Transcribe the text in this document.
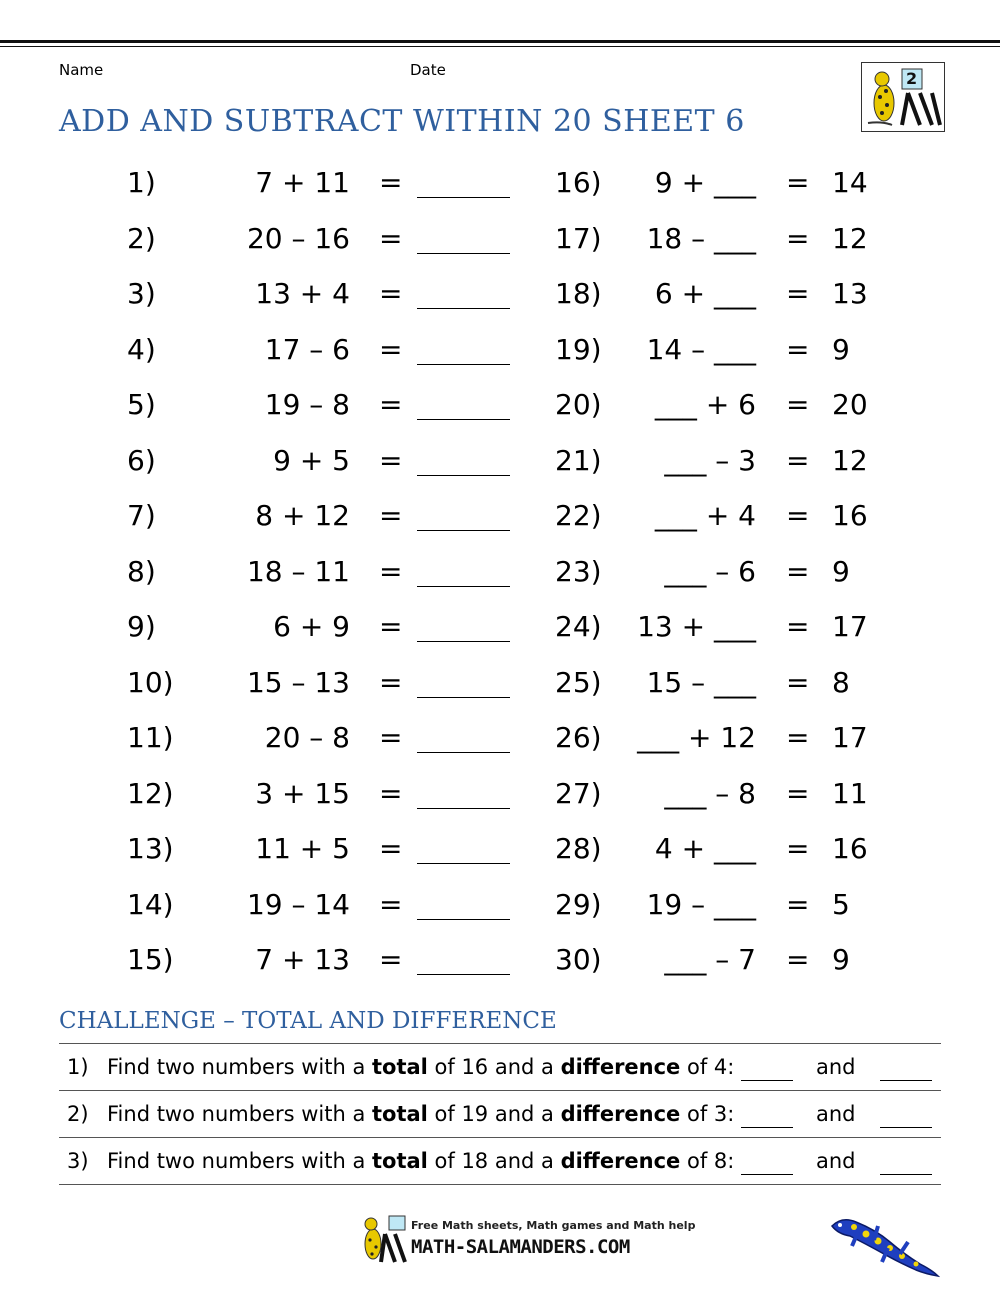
Name	Date
ADD AND SUBTRACT WITHIN 20 SHEET 6
2
1)	7 + 11 =
2)	20 – 16 =
3)	13 + 4 =
4)	17 – 6 =
5)	19 – 8 =
6)	9 + 5 =
7)	8 + 12 =
8)	18 – 11 =
9)	6 + 9 =
10)	15 – 13 =
11)	20 – 8 =
12)	3 + 15 =
13)	11 + 5 =
14)	19 – 14 =
15)	7 + 13 =
16) 9 + ___ = 14
17) 18 – ___ = 12
18) 6 + ___ = 13
19) 14 – ___ = 9
20) ___ + 6 = 20
21) ___ – 3 = 12
22) ___ + 4 = 16
23) ___ – 6 = 9
24) 13 + ___ = 17
25) 15 – ___ = 8
26) ___ + 12 = 17
27) ___ – 8 = 11
28) 4 + ___ = 16
29) 19 – ___ = 5
30) ___ – 7 = 9
CHALLENGE – TOTAL AND DIFFERENCE
1) Find two numbers with a total of 16 and a difference of 4:	and
2) Find two numbers with a total of 19 and a difference of 3:	and
3) Find two numbers with a total of 18 and a difference of 8:	and
Free Math sheets, Math games and Math help
MATH-SALAMANDERS.COM
